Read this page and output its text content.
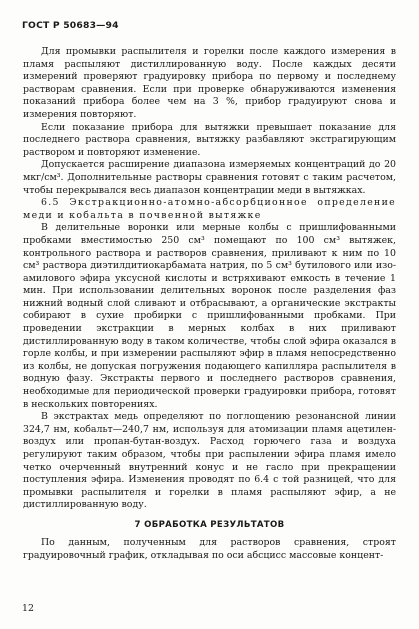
ГОСТ Р 50683—94

Для промывки распылителя и горелки после каждого измерения в пламя распыляют дистиллированную воду. После каждых десяти измерений проверяют градуировку прибора по первому и последнему растворам сравнения. Если при проверке обнаруживаются изменения показаний прибора более чем на 3 %, прибор градуируют снова и измерения повторяют.

Если показание прибора для вытяжки превышает показание для последнего раствора сравнения, вытяжку разбавляют экстрагирующим раствором и повторяют изменение.

Допускается расширение диапазона измеряемых концентраций до 20 мкг/см³. Дополнительные растворы сравнения готовят с таким расчетом, чтобы перекрывался весь диапазон концентрации меди в вытяжках.

6.5 Экстракционно-атомно-абсорбционное определение меди и кобальта в почвенной вытяжке

В делительные воронки или мерные колбы с пришлифованными пробками вместимостью 250 см³ помещают по 100 см³ вытяжек, контрольного раствора и растворов сравнения, приливают к ним по 10 см³ раствора диэтилдитиокарбамата натрия, по 5 см³ бутилового или изо-амилового эфира уксусной кислоты и встряхивают емкость в течение 1 мин. При использовании делительных воронок после разделения фаз нижний водный слой сливают и отбрасывают, а органические экстракты собирают в сухие пробирки с пришлифованными пробками. При проведении экстракции в мерных колбах в них приливают дистиллированную воду в таком количестве, чтобы слой эфира оказался в горле колбы, и при измерении распыляют эфир в пламя непосредственно из колбы, не допуская погружения подающего капилляра распылителя в водную фазу. Экстракты первого и последнего растворов сравнения, необходимые для периодической проверки градуировки прибора, готовят в нескольких повторениях.

В экстрактах медь определяют по поглощению резонансной линии 324,7 нм, кобальт—240,7 нм, используя для атомизации пламя ацетилен-воздух или пропан-бутан-воздух. Расход горючего газа и воздуха регулируют таким образом, чтобы при распылении эфира пламя имело четко очерченный внутренний конус и не гасло при прекращении поступления эфира. Изменения проводят по 6.4 с той разницей, что для промывки распылителя и горелки в пламя распыляют эфир, а не дистиллированную воду.

7 ОБРАБОТКА РЕЗУЛЬТАТОВ

По данным, полученным для растворов сравнения, строят градуировочный график, откладывая по оси абсцисс массовые концент-

12
